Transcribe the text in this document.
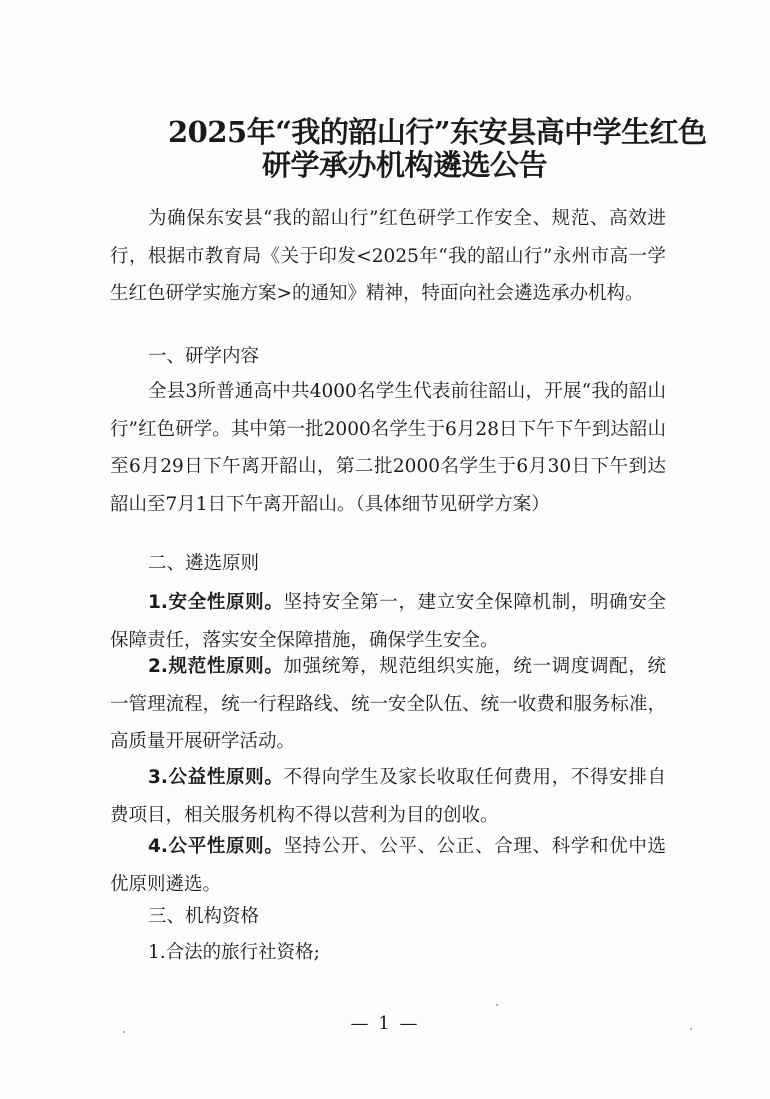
2025年“我的韶山行”东安县高中学生红色
研学承办机构遴选公告
为确保东安县“我的韶山行”红色研学工作安全、规范、高效进行，根据市教育局《关于印发<2025年“我的韶山行”永州市高一学生红色研学实施方案>的通知》精神，特面向社会遴选承办机构。
一、研学内容
全县3所普通高中共4000名学生代表前往韶山，开展“我的韶山行”红色研学。其中第一批2000名学生于6月28日下午下午到达韶山至6月29日下午离开韶山，第二批2000名学生于6月30日下午到达韶山至7月1日下午离开韶山。（具体细节见研学方案）
二、遴选原则
1.安全性原则。坚持安全第一，建立安全保障机制，明确安全保障责任，落实安全保障措施，确保学生安全。
2.规范性原则。加强统筹，规范组织实施，统一调度调配，统一管理流程，统一行程路线、统一安全队伍、统一收费和服务标准，高质量开展研学活动。
3.公益性原则。不得向学生及家长收取任何费用，不得安排自费项目，相关服务机构不得以营利为目的创收。
4.公平性原则。坚持公开、公平、公正、合理、科学和优中选优原则遴选。
三、机构资格
1.合法的旅行社资格;
— 1 —
